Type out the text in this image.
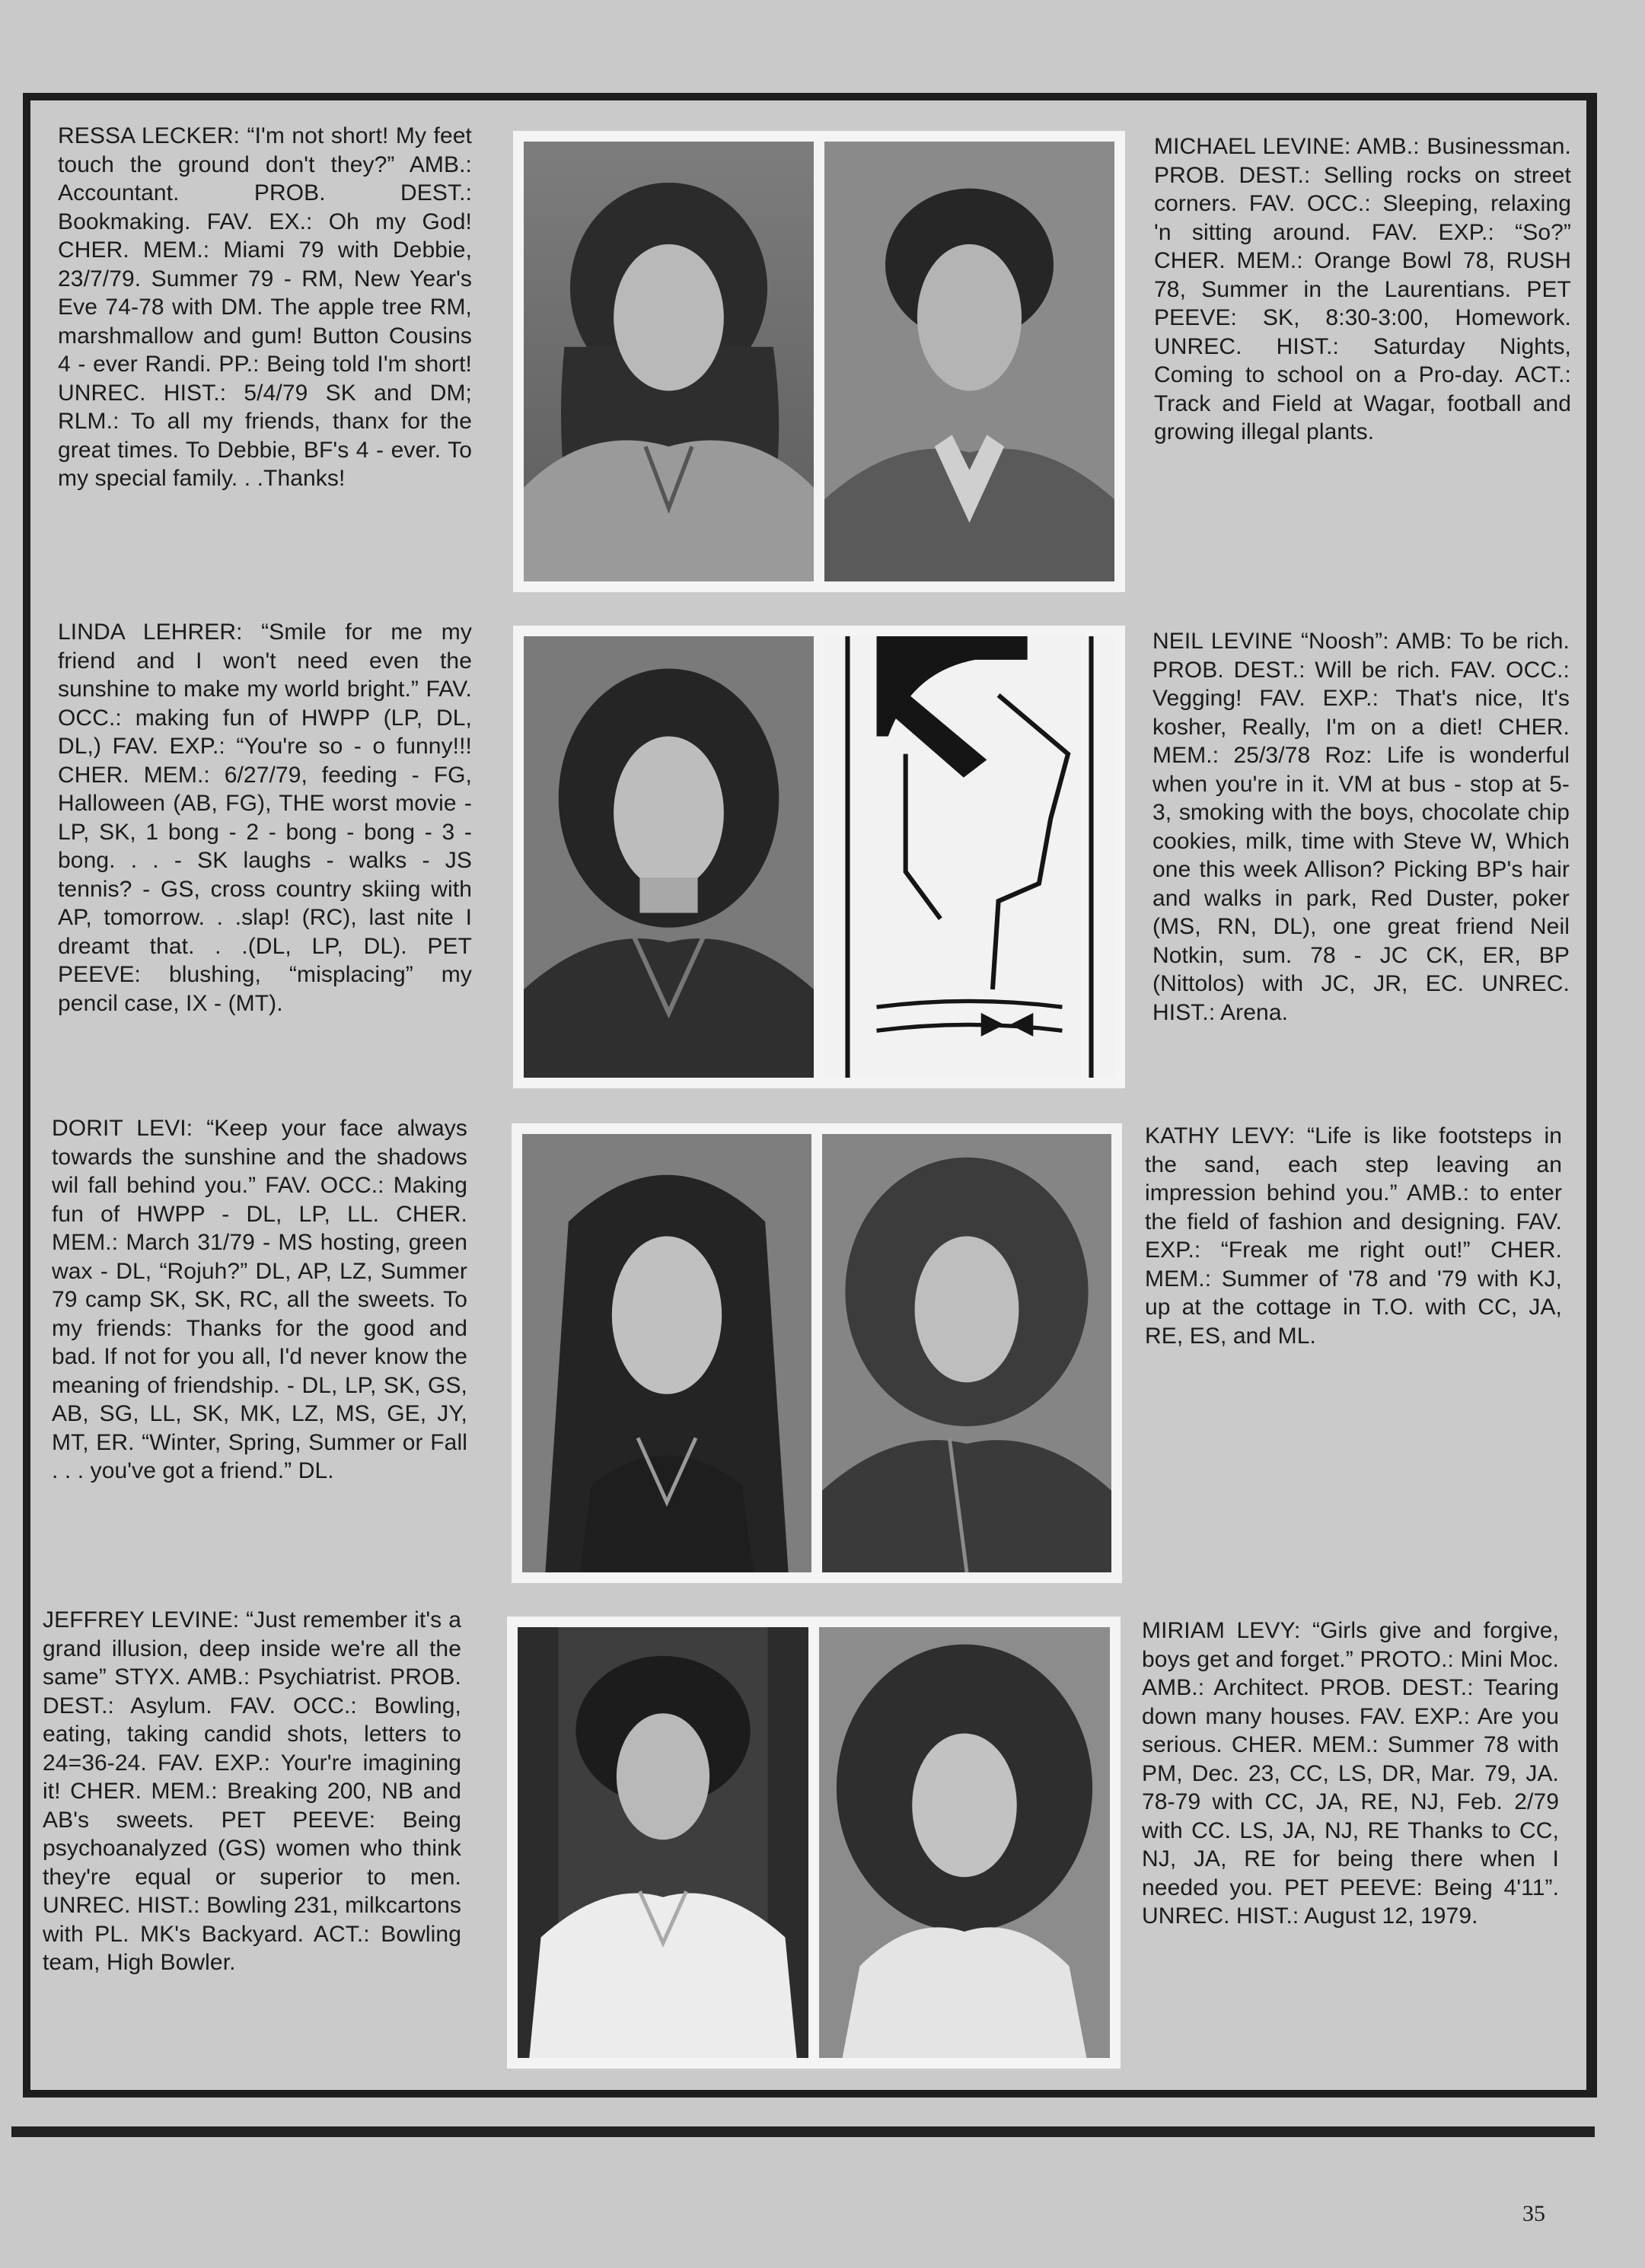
RESSA LECKER: “I'm not short! My feet touch the ground don't they?” AMB.: Accountant. PROB. DEST.: Bookmaking. FAV. EX.: Oh my God! CHER. MEM.: Miami 79 with Debbie, 23/7/79. Summer 79 - RM, New Year's Eve 74-78 with DM. The apple tree RM, marshmallow and gum! Button Cousins 4 - ever Randi. PP.: Being told I'm short! UNREC. HIST.: 5/4/79 SK and DM; RLM.: To all my friends, thanx for the great times. To Debbie, BF's 4 - ever. To my special family. . .Thanks!

MICHAEL LEVINE: AMB.: Businessman. PROB. DEST.: Selling rocks on street corners. FAV. OCC.: Sleeping, relaxing 'n sitting around. FAV. EXP.: “So?” CHER. MEM.: Orange Bowl 78, RUSH 78, Summer in the Laurentians. PET PEEVE: SK, 8:30-3:00, Homework. UNREC. HIST.: Saturday Nights, Coming to school on a Pro-day. ACT.: Track and Field at Wagar, football and growing illegal plants.

LINDA LEHRER: “Smile for me my friend and I won't need even the sunshine to make my world bright.” FAV. OCC.: making fun of HWPP (LP, DL, DL,) FAV. EXP.: “You're so - o funny!!! CHER. MEM.: 6/27/79, feeding - FG, Halloween (AB, FG), THE worst movie - LP, SK, 1 bong - 2 - bong - bong - 3 - bong. . . - SK laughs - walks - JS tennis? - GS, cross country skiing with AP, tomorrow. . .slap! (RC), last nite I dreamt that. . .(DL, LP, DL). PET PEEVE: blushing, “misplacing” my pencil case, IX - (MT).

NEIL LEVINE “Noosh”: AMB: To be rich. PROB. DEST.: Will be rich. FAV. OCC.: Vegging! FAV. EXP.: That's nice, It's kosher, Really, I'm on a diet! CHER. MEM.: 25/3/78 Roz: Life is wonderful when you're in it. VM at bus - stop at 5-3, smoking with the boys, chocolate chip cookies, milk, time with Steve W, Which one this week Allison? Picking BP's hair and walks in park, Red Duster, poker (MS, RN, DL), one great friend Neil Notkin, sum. 78 - JC CK, ER, BP (Nittolos) with JC, JR, EC. UNREC. HIST.: Arena.

DORIT LEVI: “Keep your face always towards the sunshine and the shadows wil fall behind you.” FAV. OCC.: Making fun of HWPP - DL, LP, LL. CHER. MEM.: March 31/79 - MS hosting, green wax - DL, “Rojuh?” DL, AP, LZ, Summer 79 camp SK, SK, RC, all the sweets. To my friends: Thanks for the good and bad. If not for you all, I'd never know the meaning of friendship. - DL, LP, SK, GS, AB, SG, LL, SK, MK, LZ, MS, GE, JY, MT, ER. “Winter, Spring, Summer or Fall . . . you've got a friend.” DL.

KATHY LEVY: “Life is like footsteps in the sand, each step leaving an impression behind you.” AMB.: to enter the field of fashion and designing. FAV. EXP.: “Freak me right out!” CHER. MEM.: Summer of '78 and '79 with KJ, up at the cottage in T.O. with CC, JA, RE, ES, and ML.

JEFFREY LEVINE: “Just remember it's a grand illusion, deep inside we're all the same” STYX. AMB.: Psychiatrist. PROB. DEST.: Asylum. FAV. OCC.: Bowling, eating, taking candid shots, letters to 24=36-24. FAV. EXP.: Your're imagining it! CHER. MEM.: Breaking 200, NB and AB's sweets. PET PEEVE: Being psychoanalyzed (GS) women who think they're equal or superior to men. UNREC. HIST.: Bowling 231, milkcartons with PL. MK's Backyard. ACT.: Bowling team, High Bowler.

MIRIAM LEVY: “Girls give and forgive, boys get and forget.” PROTO.: Mini Moc. AMB.: Architect. PROB. DEST.: Tearing down many houses. FAV. EXP.: Are you serious. CHER. MEM.: Summer 78 with PM, Dec. 23, CC, LS, DR, Mar. 79, JA. 78-79 with CC, JA, RE, NJ, Feb. 2/79 with CC. LS, JA, NJ, RE Thanks to CC, NJ, JA, RE for being there when I needed you. PET PEEVE: Being 4'11”. UNREC. HIST.: August 12, 1979.

35
